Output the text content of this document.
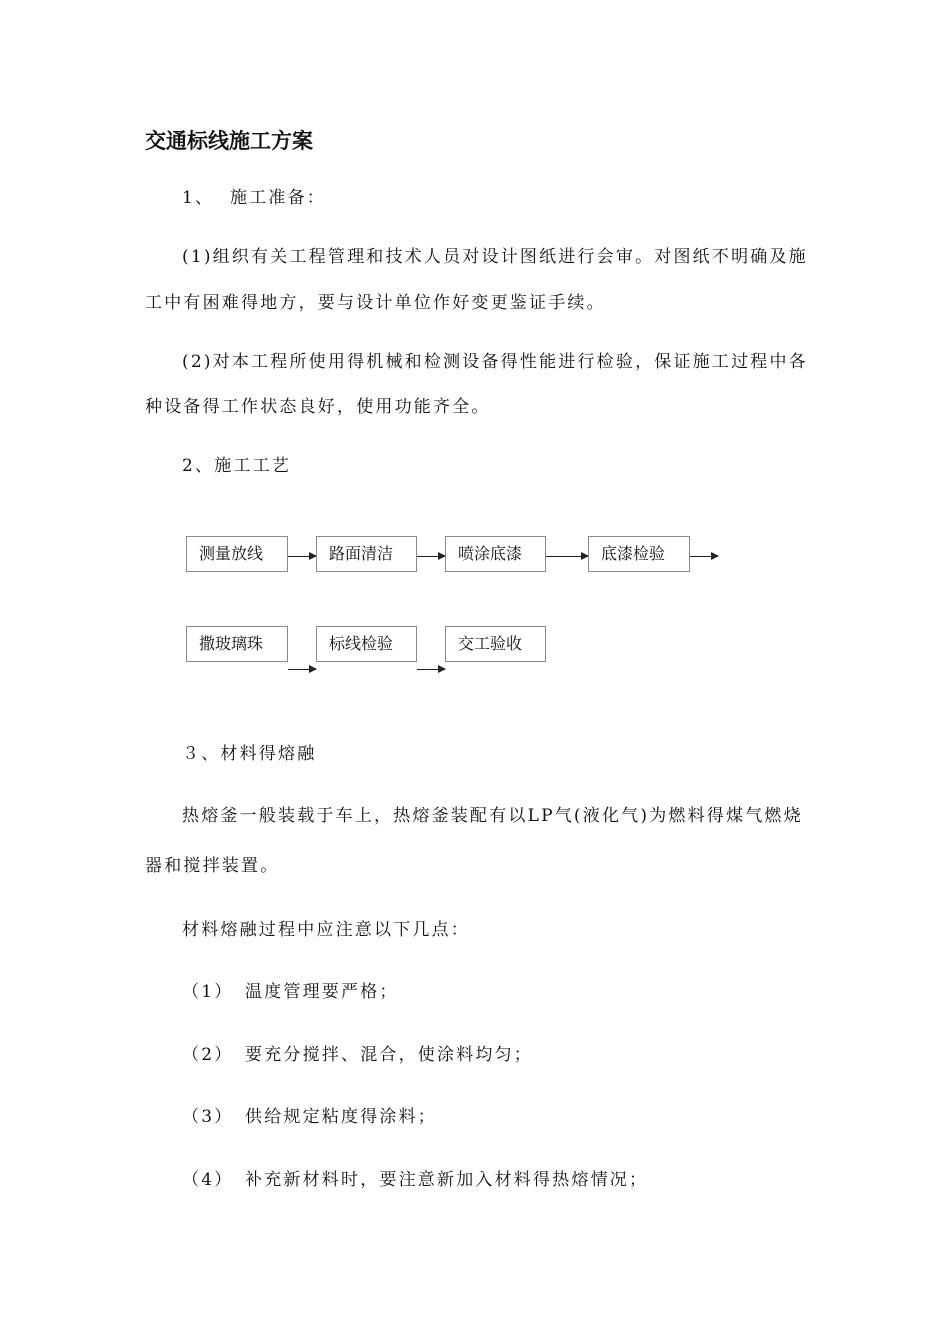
交通标线施工方案
1、 施工准备：
(1)组织有关工程管理和技术人员对设计图纸进行会审。对图纸不明确及施
工中有困难得地方，要与设计单位作好变更鉴证手续。
(2)对本工程所使用得机械和检测设备得性能进行检验，保证施工过程中各
种设备得工作状态良好，使用功能齐全。
2、施工工艺
测量放线	路面清洁	喷涂底漆	底漆检验
撒玻璃珠	标线检验	交工验收
３、材料得熔融
热熔釜一般装载于车上，热熔釜装配有以LP气(液化气)为燃料得煤气燃烧
器和搅拌装置。
材料熔融过程中应注意以下几点：
（1） 温度管理要严格；
（2） 要充分搅拌、混合，使涂料均匀；
（3） 供给规定粘度得涂料；
（4） 补充新材料时，要注意新加入材料得热熔情况；
